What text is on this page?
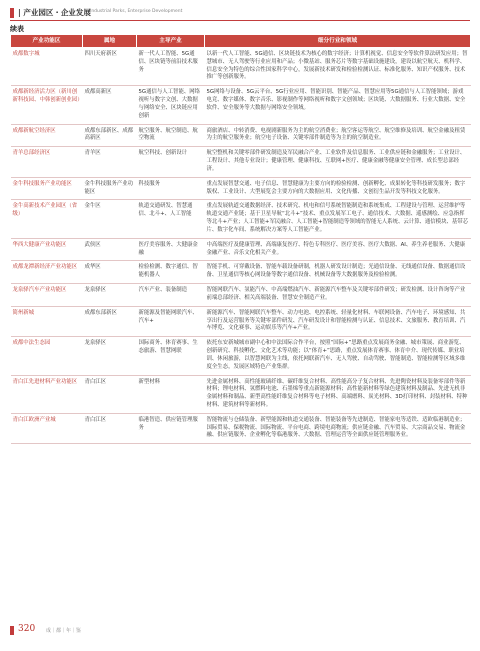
| 产业园区・企业发展 Industrial Parks, Enterprise Development
续表
产业功能区	属地	主导产业	细分行业和领域
成都数字城	四川天府新区	新一代人工智能、5G通信、区块链等前沿技术服务	以新一代人工智能、5G通信、区块链技术为核心的数字经济；计算机视觉、信息安全等软件算法研发应用；智慧城市、无人驾驶等行业应用和产品；小微基站、服务芯片等数字基础设施建设，建设以航空航天、机科学、信息安全为特色的综合性国家科学中心，发展新技术研发和检验检测认证、标准化服务、知识产权服务、技术推广等创新服务。
成都新经济活力区（新川创新科技园、中韩创新创业园）	成都高新区	5G通信与人工智能、网络视听与数字文创、大数据与网络安全、区块链应用创新	5G网络与设备、5G云平台、5G行业应用、智能识别、智能产品、智慧应用等5G通信与人工智能领域；游戏电竞、数字媒体、数字音乐、影视制作等网络视听和数字文创领域；区块链、大数据服务、行业大数据、安全软件、安全服务等大数据与网络安全领域。
成都新航空经济区	成都东部新区、成都高新区	航空服务、航空制造、航空物流	商旅酒店、中转消费、电视剧新服务为主的航空消费业；航空客运等航空、航空维修及培训、航空金融及租赁为主的航空服务业；航空电子设备、关键零部件制造等为主的航空制造业。
青羊总部经济区	青羊区	航空科技、创新设计	航空整机和关键零部件研发制造及军民融合产业、工业软件及信息服务、工业供应链和金融服务；工业设计、工程设计、其他专业设计；健康管理、健康科技、互联网+医疗、健康金融等健康安全管理、成长型总部经济。
金牛科技服务产业功能区	金牛科技服务产业功能区	科技服务	重点发展智慧交通、电子信息、智慧健康为主要方向的检验检测、创新孵化、成果转化等科技研发服务；数字版权、工业设计、大型展览会主要方向的大数据应用、文化传播、文创衍生品开发等科技文化服务。
金牛高新技术产业园区（省级）	金牛区	轨道交通研发、智慧通信、北斗+、人工智能	重点发展轨道交通数据经济、技术研究、机电和信号系统智能制造和系统集成、工程建设与管理、运营维护等轨道交通产业链；基于卫星导航“北斗+”技术、重点发展军工电子、通信技术、大数据、遥感测绘、应急指挥等北斗+产业；人工智能+军民融合、人工智能+智能制造等领域的智能无人系统、云计算、通信模块、基带芯片、数字化车间、系统解决方案等人工智能产业。
华西大健康产业功能区	武侯区	医疗美容服务、大健康金融	中高端医疗及健康管理、高端康复医疗、特色专科医疗、医疗美容、医疗大数据、AI、养生养老服务、大健康金融产业、音乐文化相关产业。
成都龙潭新经济产业功能区	成华区	检验检测、数字通信、智能机器人	智能手机、可穿戴设备、智能车载设备研制，机器人研发设计制造；光通信设备、无线通信设备、数据通信设备、卫星通信等核心网设备等数字通信设备、机械设备等大数据服务及检验检测。
龙泉驿汽车产业功能区	龙泉驿区	汽车产业、装备制造	智能网联汽车、氢能汽车、中高端燃油汽车、新能源汽车整车及关键零部件研发；研发检测、设计咨询等产业前端总部经济、相关高端装备、智慧安全制造产业。
简州新城	成都东部新区	新能源及智能网联汽车、汽车+	新能源汽车、智能网联汽车整车、动力电池、电控系统、轻量化材料、车联网设备、汽车电子、环境感知、共享出行及运营服务等关键零部件研发、汽车研发设计和智能检测与认证、信息技术、文旅服务、教育培训、汽车博览、文化赛事、运动娱乐等汽车+产业。
成都中法生态园	龙泉驿区	国际商务、体育赛事、生态旅游、智慧网联	依托东安新城城市副中心和中法国际合作平台，按照“国际+”思路重点发展商务金融、城市策展、商业游览、创新研究、科技孵化、文化艺术等功能；以“体育+”思路，重点发展体育赛事、体育中介、现代传媒、职业培训、休闲旅游，以智慧网联为主线，依托网联新汽车、无人驾驶、自动驾驶、智能制造、智能检测等区域多维度全生态，发展区域特色产业集群。
青白江先进材料产业功能区	青白江区	新型材料	先进金属材料、高性能玻璃纤维、碳纤维复合材料、高性能高分子复合材料、先进陶瓷材料及装备零部件等新材料；锂电材料、氢燃料电池、石墨烯等重点新能源材料；高性能新材料等绿色建筑材料及制品、先进无机非金属材料和制品、新型高性能纤维复合材料等电子材料、高端磨料、炭光材料、3D打印材料、封装材料、特种材料、建筑材料等新材料。
青白江欧洲产业城	青白江区	临港智造、供应链管理服务	智能物流与仓储装备、新型能源和轨道交通装备、智能装备等先进制造、智能家电等适铁、适欧临港制造业；国际贸易、保税物流、国际物流、平台电商、跨境电商物流；供应链金融、汽车贸易、大宗商品交易、物流金融、供应链服务、企业孵化等临港服务、大数据、管理运营等全面供应链管理服务业。
320 成｜都｜年｜鉴
